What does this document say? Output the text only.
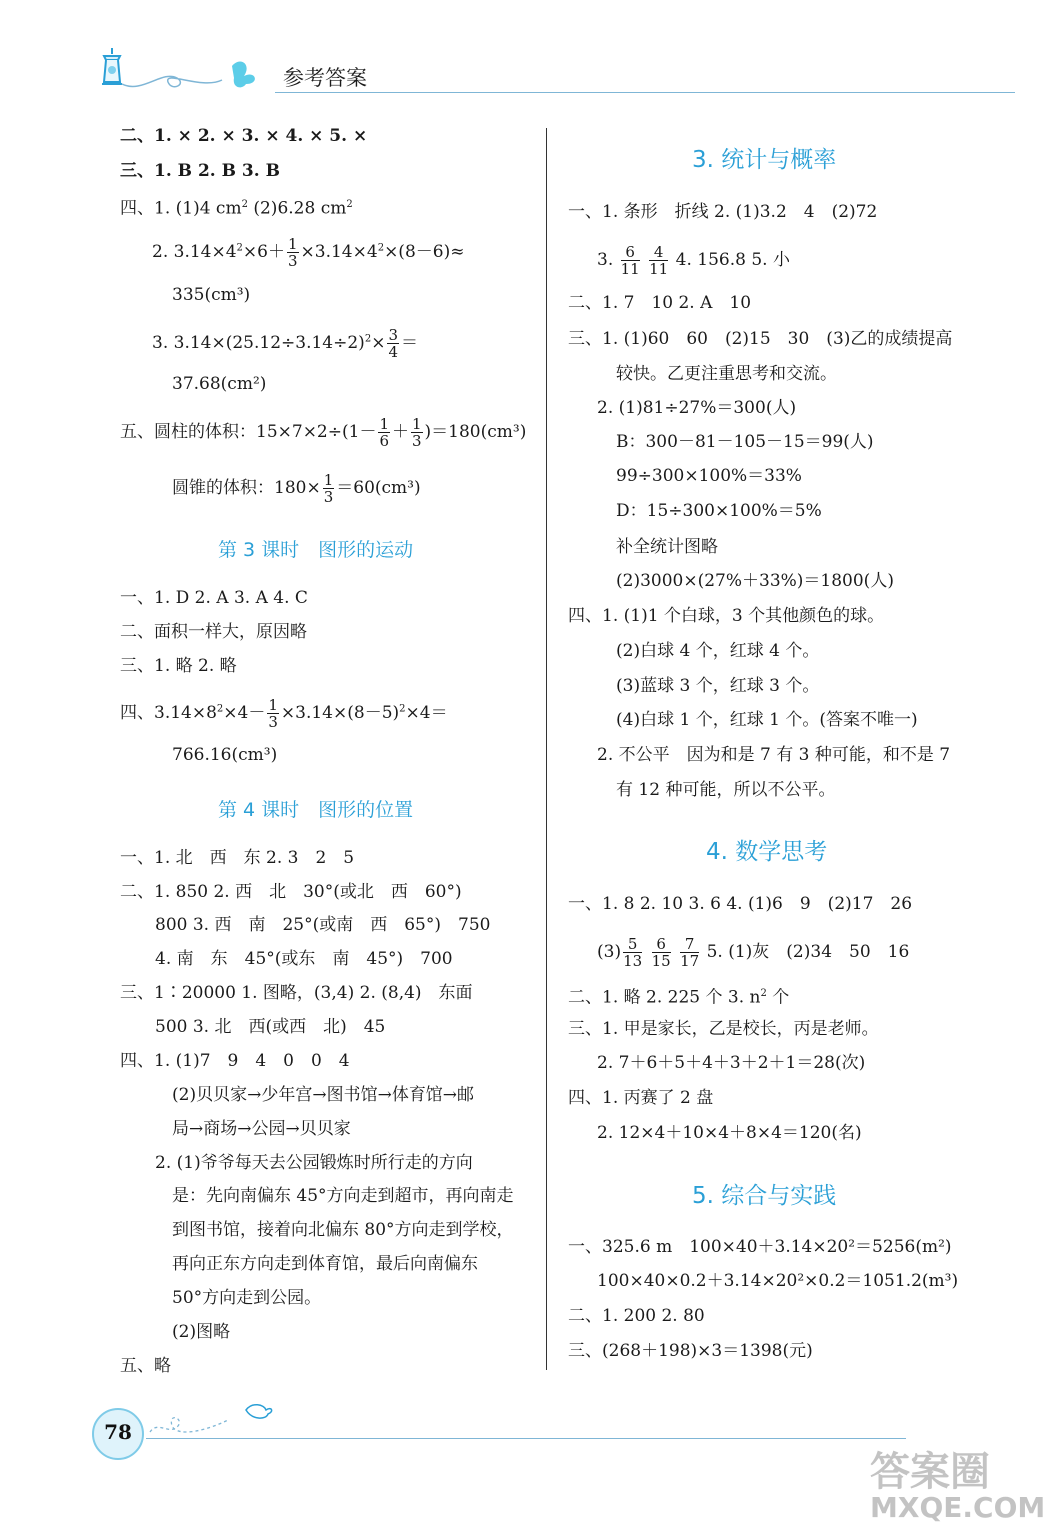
参考答案
二、1. × 2. × 3. × 4. × 5. ×
三、1. B 2. B 3. B
四、1. (1)4 $cm^2$ (2)6.28 $cm^2$
2. $3.14\times 4^2\times 6+ \frac{1}{3} \times 3.14\times 4^2\times(8-6)\approx$
335(cm³)
3. $3.14\times(25.12\div 3.14\div 2)^2\times \frac{3}{4}$ ＝
37.68(cm²)
五、圆柱的体积：$15\times 7\times 2\div(1- \frac{1}{6} + \frac{1}{3} )=180(cm^3)$
圆锥的体积：$180\times \frac{1}{3} =60(cm^3)$
第 3 课时　图形的运动
一、1. D 2. A 3. A 4. C
二、面积一样大，原因略
三、1. 略 2. 略
四、$3.14\times 8^2\times 4- \frac{1}{3} \times 3.14\times(8-5)^2\times 4=$
766.16(cm³)
第 4 课时　图形的位置
一、1. 北　西　东 2. 3　2　5
二、1. 850 2. 西　北　30°(或北　西　60°)
800 3. 西　南　25°(或南　西　65°)　750
4. 南　东　45°(或东　南　45°)　700
三、1∶20000 1. 图略，(3,4) 2. (8,4)　东面
500 3. 北　西(或西　北)　45
四、1. (1)7　9　4　0　0　4
(2)贝贝家→少年宫→图书馆→体育馆→邮
局→商场→公园→贝贝家
2. (1)爷爷每天去公园锻炼时所行走的方向
是：先向南偏东 45°方向走到超市，再向南走
到图书馆，接着向北偏东 80°方向走到学校，
再向正东方向走到体育馆，最后向南偏东
50°方向走到公园。
(2)图略
五、略
3. 统计与概率
一、1. 条形　折线 2. (1)3.2　4　(2)72
3. $\frac{6}{11}$
$\frac{4}{11} 4$. 156.8 5. 小
二、1. 7　10 2. A　10
三、1. (1)60　60　(2)15　30　(3)乙的成绩提高
较快。乙更注重思考和交流。
2. (1)81÷27%＝300(人)
B：300－81－105－15＝99(人)
99÷300×100%＝33%
D：15÷300×100%＝5%
补全统计图略
(2)3000×(27%＋33%)＝1800(人)
四、1. (1)1 个白球，3 个其他颜色的球。
(2)白球 4 个，红球 4 个。
(3)蓝球 3 个，红球 3 个。
(4)白球 1 个，红球 1 个。(答案不唯一)
2. 不公平　因为和是 7 有 3 种可能，和不是 7
有 12 种可能，所以不公平。
4. 数学思考
一、1. 8 2. 10 3. 6 4. (1)6　9　(2)17　26
$(3) \frac{5}{13}$
$\frac{6}{15}$
$\frac{7}{17} 5$. (1)灰　(2)34　50　16
二、1. 略 2. 225 个 3. $n^2$ 个
三、1. 甲是家长，乙是校长，丙是老师。
2. 7＋6＋5＋4＋3＋2＋1＝28(次)
四、1. 丙赛了 2 盘
2. 12×4＋10×4＋8×4＝120(名)
5. 综合与实践
一、325.6 m　100×40＋3.14×20²＝5256(m²)
100×40×0.2＋3.14×20²×0.2＝1051.2(m³)
二、1. 200 2. 80
三、(268＋198)×3＝1398(元)
78
答案圈
MXQE.COM
